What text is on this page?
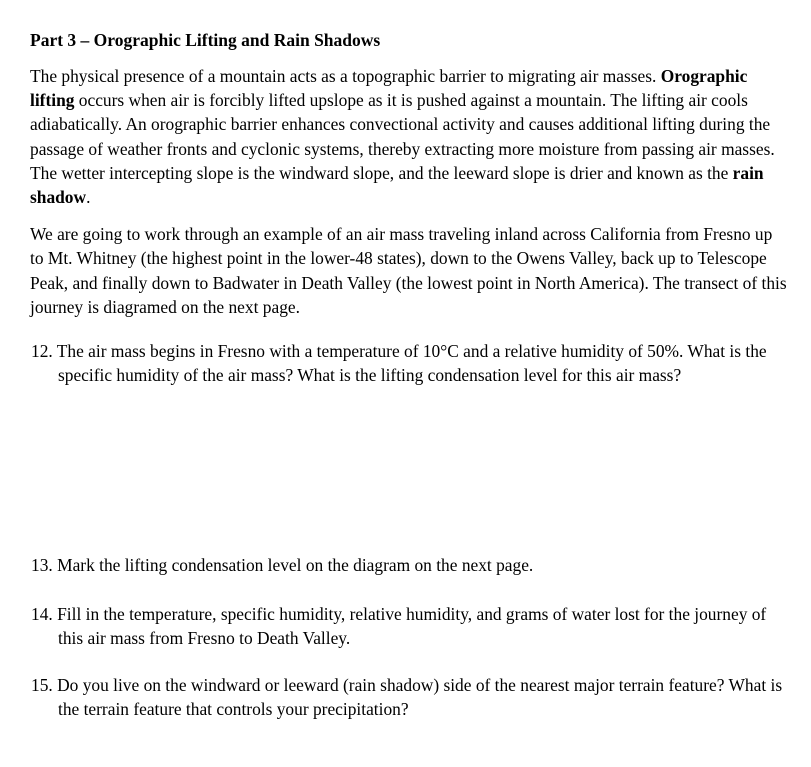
Part 3 – Orographic Lifting and Rain Shadows

The physical presence of a mountain acts as a topographic barrier to migrating air masses. Orographic lifting occurs when air is forcibly lifted upslope as it is pushed against a mountain. The lifting air cools adiabatically. An orographic barrier enhances convectional activity and causes additional lifting during the passage of weather fronts and cyclonic systems, thereby extracting more moisture from passing air masses. The wetter intercepting slope is the windward slope, and the leeward slope is drier and known as the rain shadow.

We are going to work through an example of an air mass traveling inland across California from Fresno up to Mt. Whitney (the highest point in the lower-48 states), down to the Owens Valley, back up to Telescope Peak, and finally down to Badwater in Death Valley (the lowest point in North America). The transect of this journey is diagramed on the next page.

12. The air mass begins in Fresno with a temperature of 10°C and a relative humidity of 50%. What is the specific humidity of the air mass? What is the lifting condensation level for this air mass?
13. Mark the lifting condensation level on the diagram on the next page.
14. Fill in the temperature, specific humidity, relative humidity, and grams of water lost for the journey of this air mass from Fresno to Death Valley.
15. Do you live on the windward or leeward (rain shadow) side of the nearest major terrain feature? What is the terrain feature that controls your precipitation?
